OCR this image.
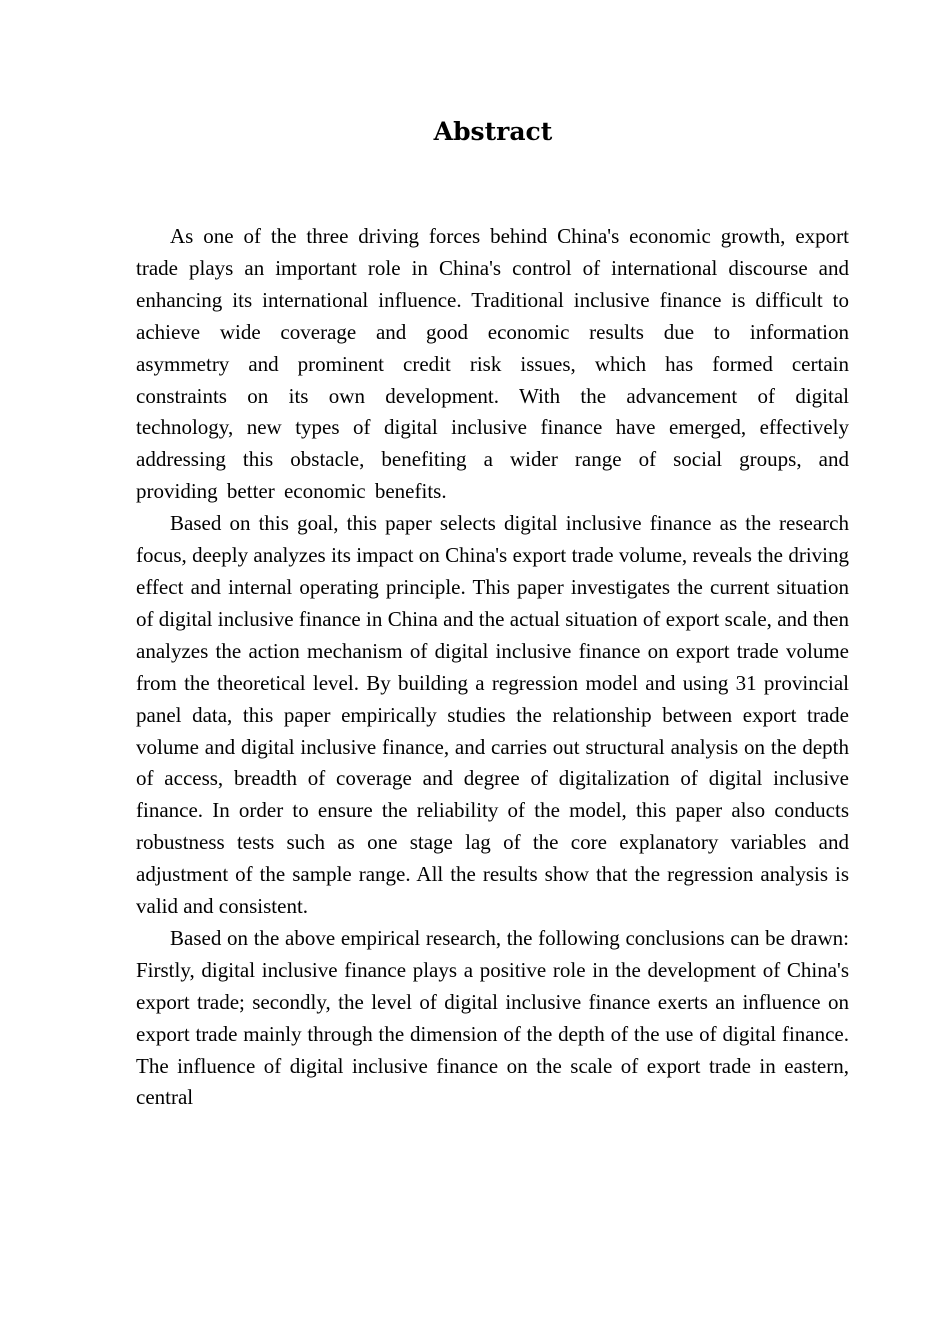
Abstract

As one of the three driving forces behind China's economic growth, export trade plays an important role in China's control of international discourse and enhancing its international influence. Traditional inclusive finance is difficult to achieve wide coverage and good economic results due to information asymmetry and prominent credit risk issues, which has formed certain constraints on its own development. With the advancement of digital technology, new types of digital inclusive finance have emerged, effectively addressing this obstacle, benefiting a wider range of social groups, and providing better economic benefits.

Based on this goal, this paper selects digital inclusive finance as the research focus, deeply analyzes its impact on China's export trade volume, reveals the driving effect and internal operating principle. This paper investigates the current situation of digital inclusive finance in China and the actual situation of export scale, and then analyzes the action mechanism of digital inclusive finance on export trade volume from the theoretical level. By building a regression model and using 31 provincial panel data, this paper empirically studies the relationship between export trade volume and digital inclusive finance, and carries out structural analysis on the depth of access, breadth of coverage and degree of digitalization of digital inclusive finance. In order to ensure the reliability of the model, this paper also conducts robustness tests such as one stage lag of the core explanatory variables and adjustment of the sample range. All the results show that the regression analysis is valid and consistent.

Based on the above empirical research, the following conclusions can be drawn: Firstly, digital inclusive finance plays a positive role in the development of China's export trade; secondly, the level of digital inclusive finance exerts an influence on export trade mainly through the dimension of the depth of the use of digital finance. The influence of digital inclusive finance on the scale of export trade in eastern, central
